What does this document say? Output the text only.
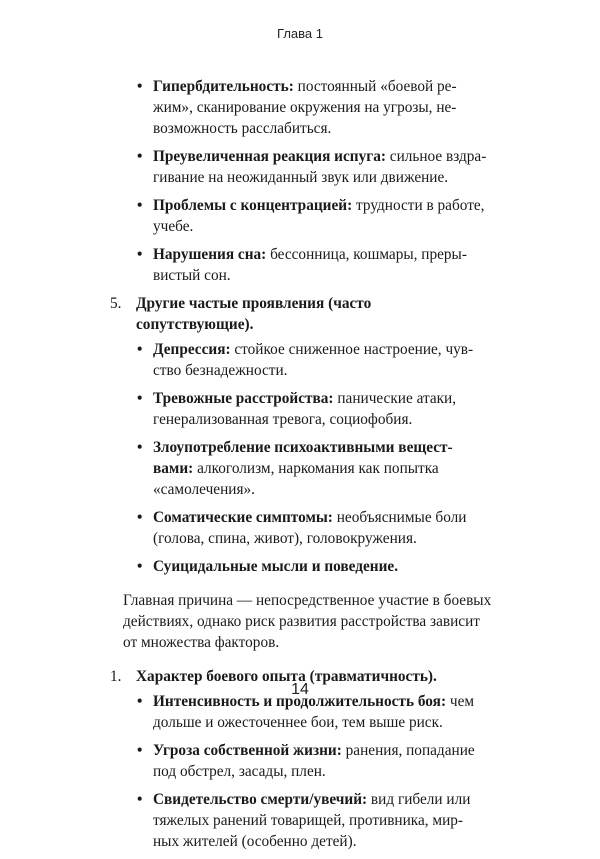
Глава 1
• Гипербдительность: постоянный «боевой ре-
жим», сканирование окружения на угрозы, не-
возможность расслабиться.
• Преувеличенная реакция испуга: сильное вздра-
гивание на неожиданный звук или движение.
• Проблемы с концентрацией: трудности в работе,
учебе.
• Нарушения сна: бессонница, кошмары, преры-
вистый сон.
5. Другие частые проявления (часто сопутствующие).
• Депрессия: стойкое сниженное настроение, чув-
ство безнадежности.
• Тревожные расстройства: панические атаки,
генерализованная тревога, социофобия.
• Злоупотребление психоактивными вещест-
вами: алкоголизм, наркомания как попытка
«самолечения».
• Соматические симптомы: необъяснимые боли
(голова, спина, живот), головокружения.
• Суицидальные мысли и поведение.
Главная причина — непосредственное участие в боевых
действиях, однако риск развития расстройства зависит
от множества факторов.
1. Характер боевого опыта (травматичность).
• Интенсивность и продолжительность боя: чем
дольше и ожесточеннее бои, тем выше риск.
• Угроза собственной жизни: ранения, попадание
под обстрел, засады, плен.
• Свидетельство смерти/увечий: вид гибели или
тяжелых ранений товарищей, противника, мир-
ных жителей (особенно детей).
14
